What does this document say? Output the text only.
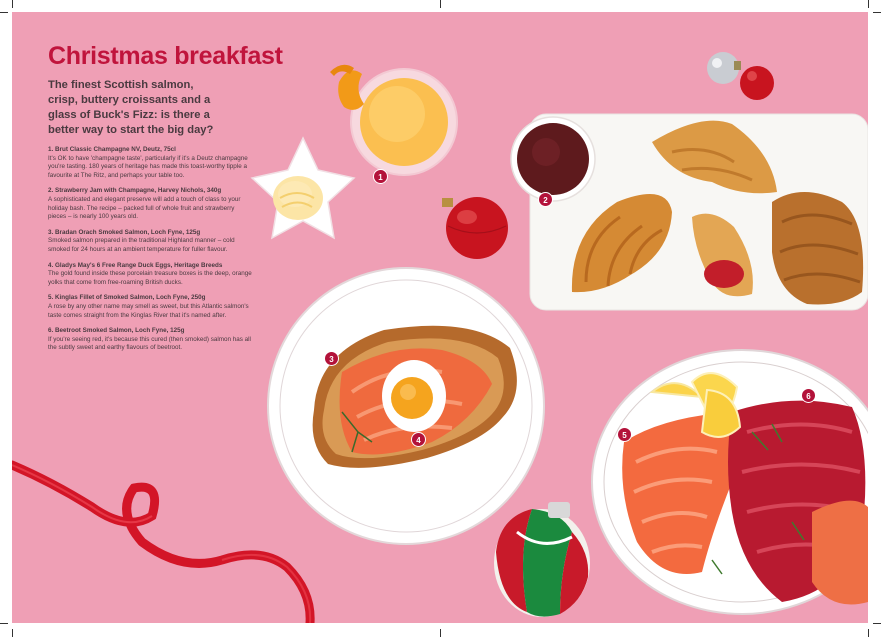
Christmas breakfast

The finest Scottish salmon, crisp, buttery croissants and a glass of Buck's Fizz: is there a better way to start the big day?

1. Brut Classic Champagne NV, Deutz, 75cl
It's OK to have 'champagne taste', particularly if it's a Deutz champagne you're tasting. 180 years of heritage has made this toast-worthy tipple a favourite at The Ritz, and perhaps your table too.
2. Strawberry Jam with Champagne, Harvey Nichols, 340g
A sophisticated and elegant preserve will add a touch of class to your holiday bash. The recipe – packed full of whole fruit and strawberry pieces – is nearly 100 years old.
3. Bradan Orach Smoked Salmon, Loch Fyne, 125g
Smoked salmon prepared in the traditional Highland manner – cold smoked for 24 hours at an ambient temperature for fuller flavour.
4. Gladys May's 6 Free Range Duck Eggs, Heritage Breeds
The gold found inside these porcelain treasure boxes is the deep, orange yolks that come from free-roaming British ducks.
5. Kinglas Fillet of Smoked Salmon, Loch Fyne, 250g
A rose by any other name may smell as sweet, but this Atlantic salmon's taste comes straight from the Kinglas River that it's named after.
6. Beetroot Smoked Salmon, Loch Fyne, 125g
If you're seeing red, it's because this cured (then smoked) salmon has all the subtly sweet and earthy flavours of beetroot.
1
2
3
4
5
6
